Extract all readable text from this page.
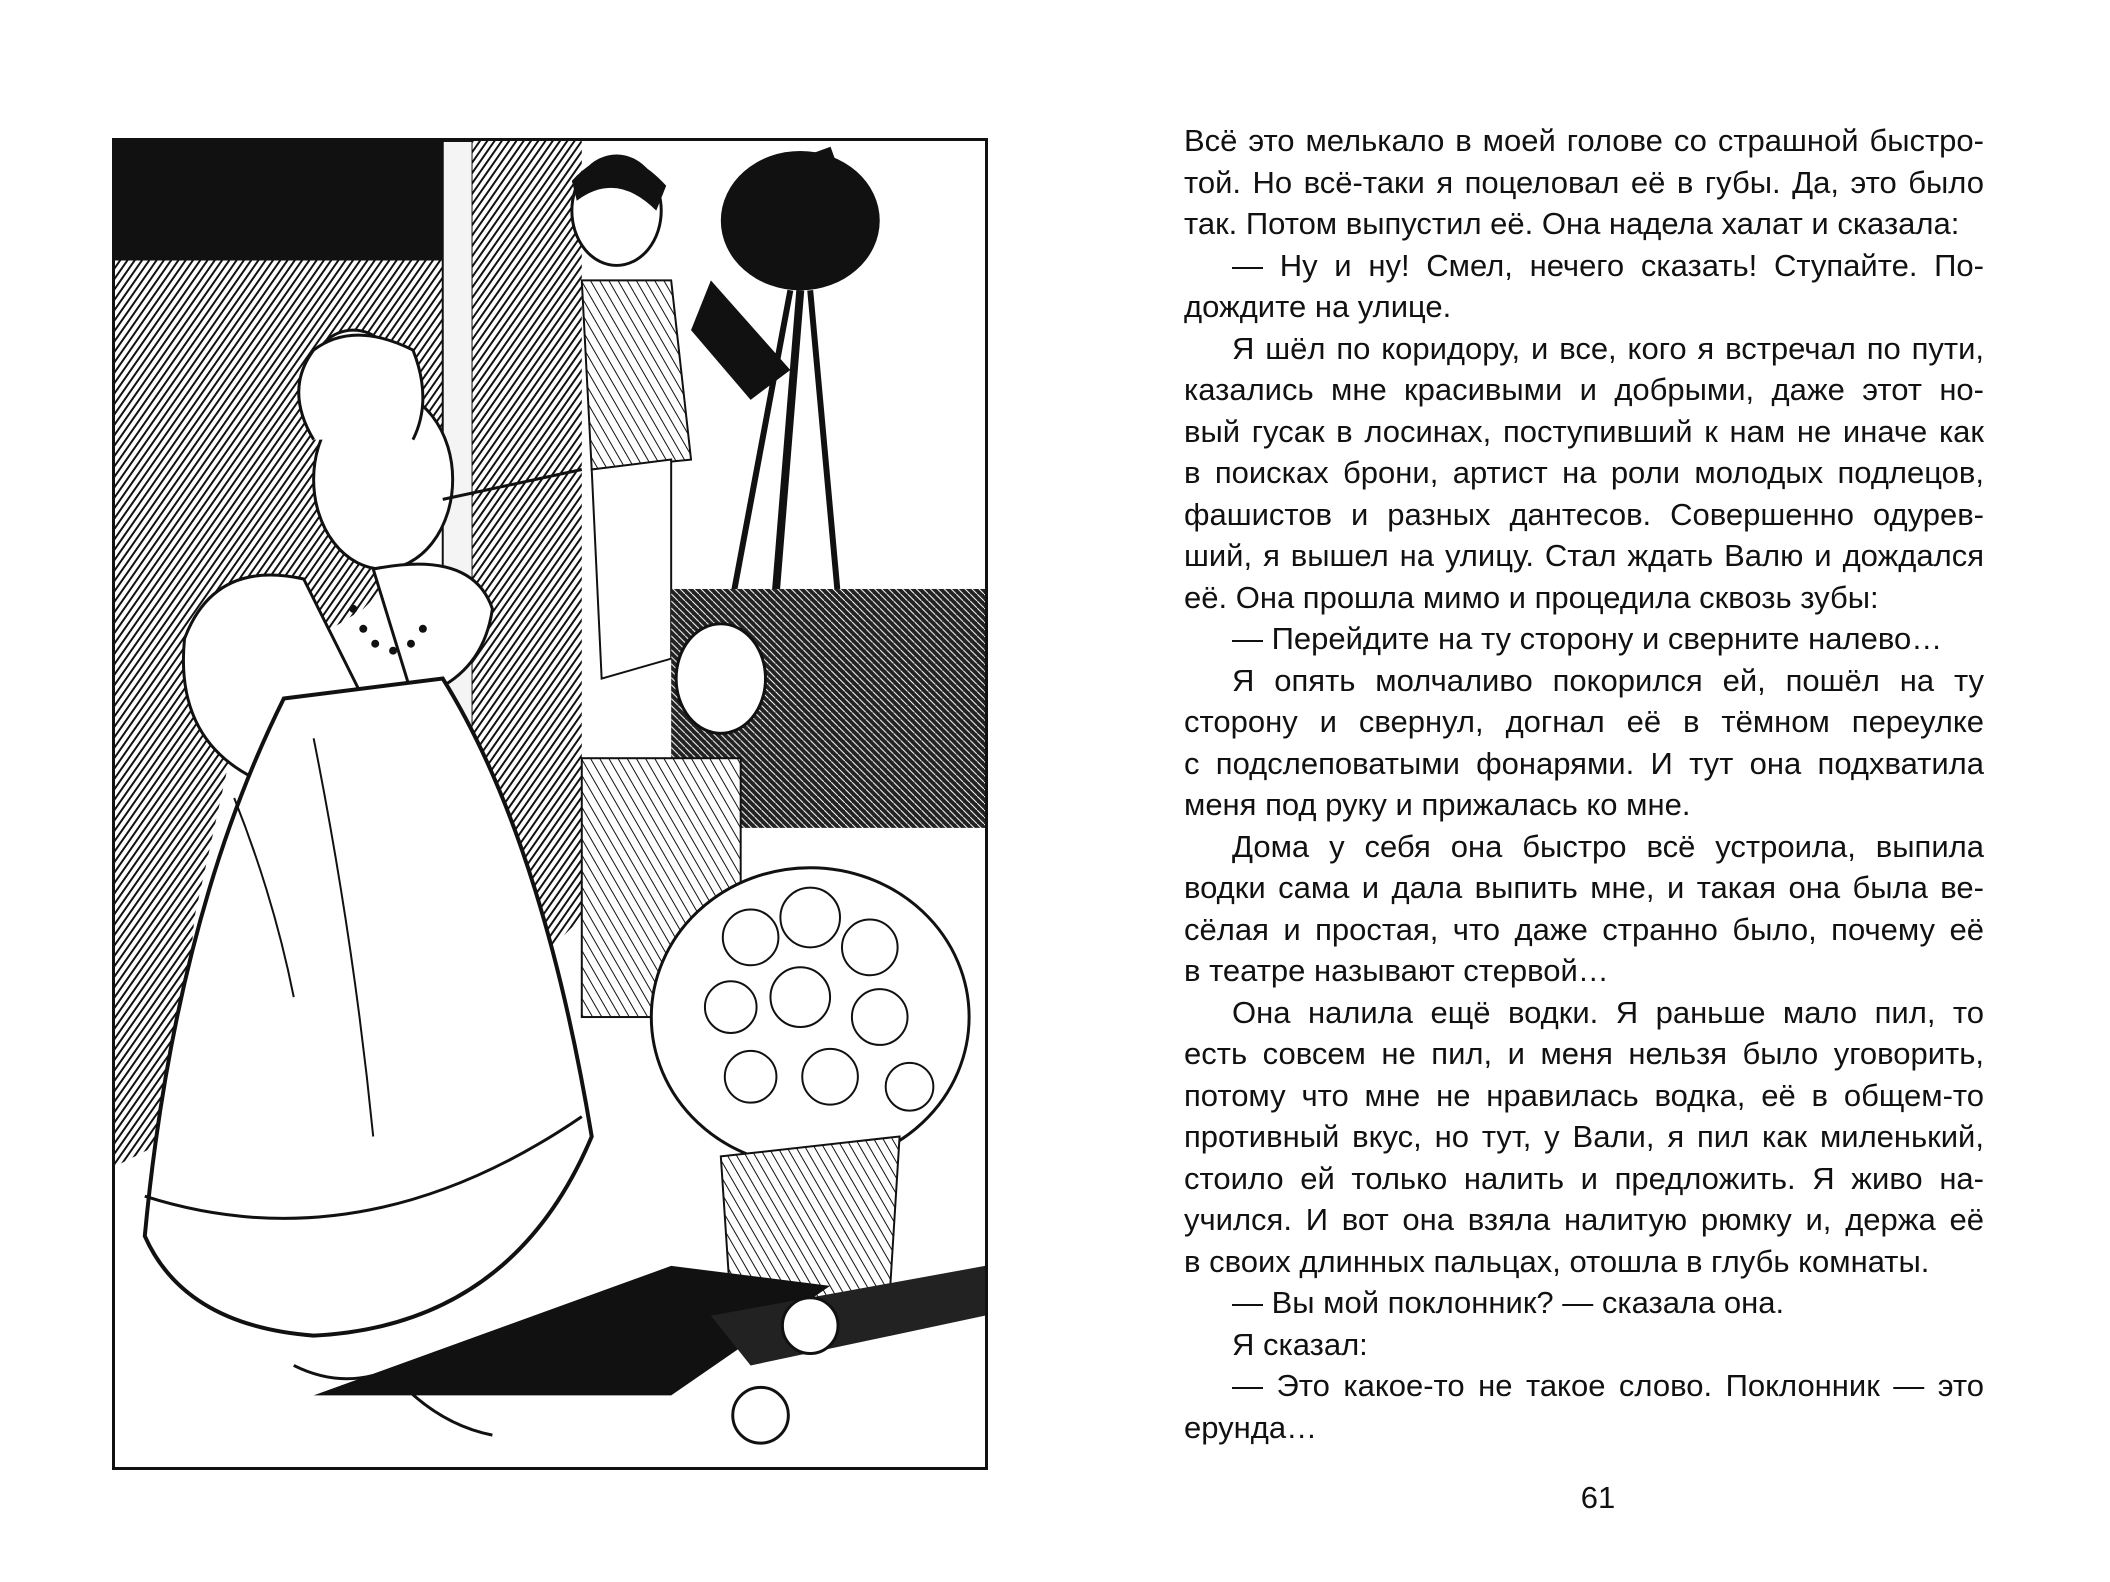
Всё это мелькало в моей голове со страшной быстро-

той. Но всё-таки я поцеловал её в губы. Да, это было

так. Потом выпустил её. Она надела халат и сказала:

— Ну и ну! Смел, нечего сказать! Ступайте. По-

дождите на улице.

Я шёл по коридору, и все, кого я встречал по пути,

казались мне красивыми и добрыми, даже этот но-

вый гусак в лосинах, поступивший к нам не иначе как

в поисках брони, артист на роли молодых подлецов,

фашистов и разных дантесов. Совершенно одурев-

ший, я вышел на улицу. Стал ждать Валю и дождался

её. Она прошла мимо и процедила сквозь зубы:

— Перейдите на ту сторону и сверните налево…

Я опять молчаливо покорился ей, пошёл на ту

сторону и свернул, догнал её в тёмном переулке

с подслеповатыми фонарями. И тут она подхватила

меня под руку и прижалась ко мне.

Дома у себя она быстро всё устроила, выпила

водки сама и дала выпить мне, и такая она была ве-

сёлая и простая, что даже странно было, почему её

в театре называют стервой…

Она налила ещё водки. Я раньше мало пил, то

есть совсем не пил, и меня нельзя было уговорить,

потому что мне не нравилась водка, её в общем-то

противный вкус, но тут, у Вали, я пил как миленький,

стоило ей только налить и предложить. Я живо на-

учился. И вот она взяла налитую рюмку и, держа её

в своих длинных пальцах, отошла в глубь комнаты.

— Вы мой поклонник? — сказала она.

Я сказал:

— Это какое-то не такое слово. Поклонник — это

ерунда…

61
